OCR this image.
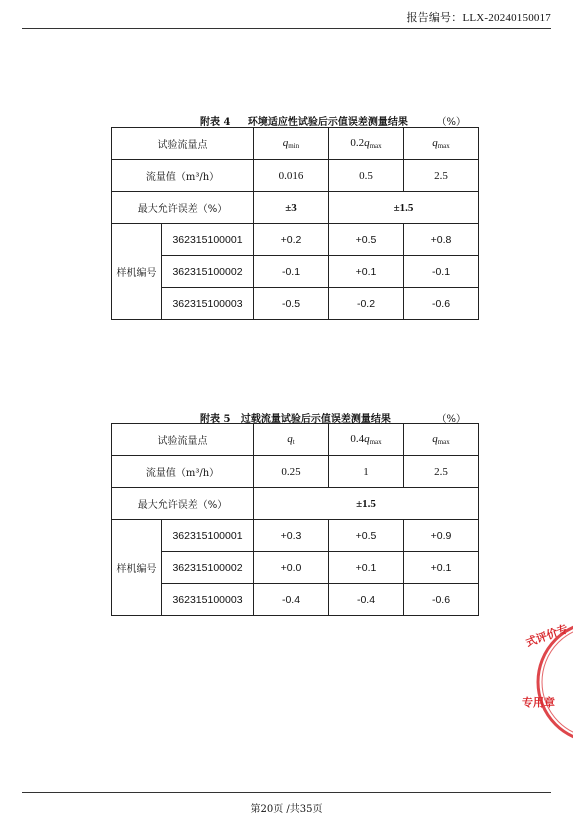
报告编号：LLX-20240150017
附表 4 环境适应性试验后示值误差测量结果	（%）
试验流量点		$q_{min}$	$0.2q_{max}$	$q_{max}$
流量值（m³/h）		0.016	0.5	2.5
最大允许误差（%）		±3	±1.5	
样机编号	362315100001	+0.2	+0.5	+0.8
	362315100002	-0.1	+0.1	-0.1
	362315100003	-0.5	-0.2	-0.6
附表 5 过载流量试验后示值误差测量结果	（%）
试验流量点		$q_t$	$0.4q_{max}$	$q_{max}$
流量值（m³/h）		0.25	1	2.5
最大允许误差（%）		±1.5		
样机编号	362315100001	+0.3	+0.5	+0.9
	362315100002	+0.0	+0.1	+0.1
	362315100003	-0.4	-0.4	-0.6
式评价专
专用章
第20页 /共35页
